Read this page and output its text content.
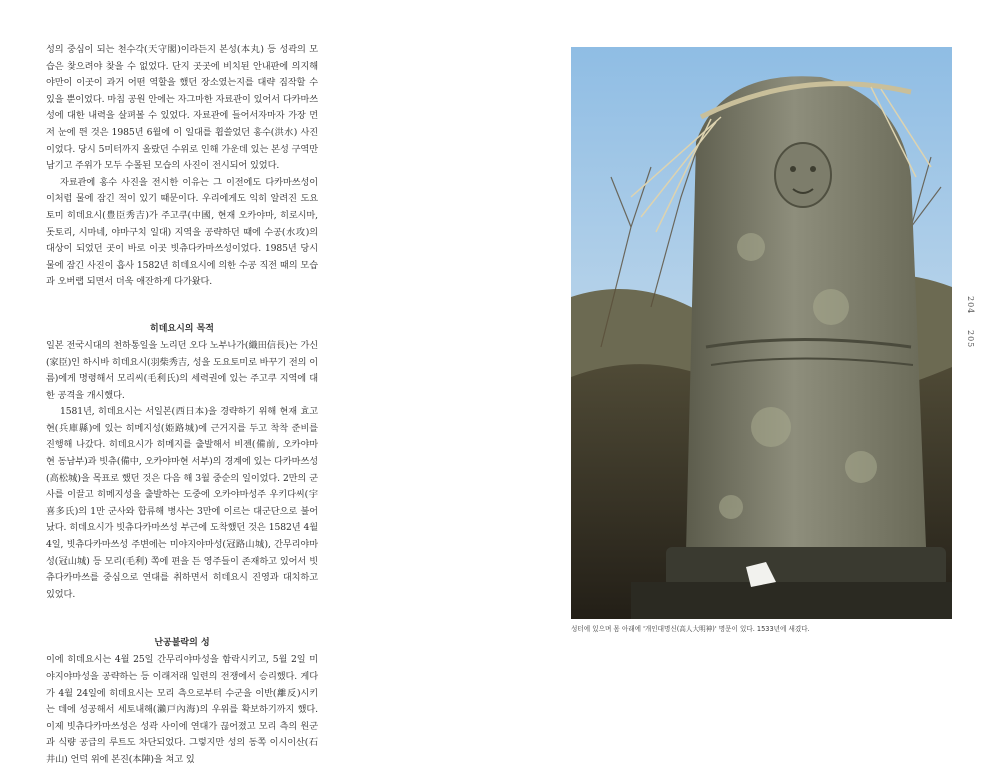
성의 중심이 되는 천수각(天守閣)이라든지 본성(本丸) 등 성곽의 모습은 찾으려야 찾을 수 없었다. 단지 곳곳에 비치된 안내판에 의지해야만이 이곳이 과거 어떤 역할을 했던 장소였는지를 대략 짐작할 수 있을 뿐이었다. 마침 공원 안에는 자그마한 자료관이 있어서 다카마쓰성에 대한 내력을 살펴볼 수 있었다. 자료관에 들어서자마자 가장 먼저 눈에 띈 것은 1985년 6월에 이 일대를 휩쓸었던 홍수(洪水) 사진이었다. 당시 5미터까지 올랐던 수위로 인해 가운데 있는 본성 구역만 남기고 주위가 모두 수몰된 모습의 사진이 전시되어 있었다.

자료관에 홍수 사진을 전시한 이유는 그 이전에도 다카마쓰성이 이처럼 물에 잠긴 적이 있기 때문이다. 우리에게도 익히 알려진 도요토미 히데요시(豊臣秀吉)가 주고쿠(中國, 현재 오카야마, 히로시마, 돗토리, 시마네, 야마구치 일대) 지역을 공략하던 때에 수공(水攻)의 대상이 되었던 곳이 바로 이곳 빗츄다카마쓰성이었다. 1985년 당시 물에 잠긴 사진이 흡사 1582년 히데요시에 의한 수공 직전 때의 모습과 오버랩 되면서 더욱 애잔하게 다가왔다.

히데요시의 목적

일본 전국시대의 천하통일을 노리던 오다 노부나가(織田信長)는 가신(家臣)인 하시바 히데요시(羽柴秀吉, 성을 도요토미로 바꾸기 전의 이름)에게 명령해서 모리씨(毛利氏)의 세력권에 있는 주고쿠 지역에 대한 공격을 개시했다.

1581년, 히데요시는 서일본(西日本)을 경략하기 위해 현재 효고현(兵庫縣)에 있는 히메지성(姫路城)에 근거지를 두고 착착 준비를 진행해 나갔다. 히데요시가 히메지를 출발해서 비젠(備前, 오카야마현 동남부)과 빗츄(備中, 오카야마현 서부)의 경계에 있는 다카마쓰성(高松城)을 목표로 했던 것은 다음 해 3월 중순의 일이었다. 2만의 군사를 이끌고 히메지성을 출발하는 도중에 오카야마성주 우키다씨(宇喜多氏)의 1만 군사와 합류해 병사는 3만에 이르는 대군단으로 불어났다. 히데요시가 빗츄다카마쓰성 부근에 도착했던 것은 1582년 4월 4일, 빗츄다카마쓰성 주변에는 미야지야마성(冠路山城), 간무리야마성(冠山城) 등 모리(毛利) 쪽에 편을 든 영주들이 존재하고 있어서 빗츄다카마쓰를 중심으로 연대를 취하면서 히데요시 진영과 대치하고 있었다.

난공불락의 성

이에 히데요시는 4월 25일 간무리야마성을 함락시키고, 5월 2일 미야지야마성을 공략하는 등 이래저래 일련의 전쟁에서 승리했다. 게다가 4월 24일에 히데요시는 모리 측으로부터 수군을 이반(離反)시키는 데에 성공해서 세토내해(瀨戸內海)의 우위를 확보하기까지 했다. 이제 빗츄다카마쓰성은 성곽 사이에 연대가 끊어졌고 모리 측의 원군과 식량 공급의 루트도 차단되었다. 그렇지만 성의 동쪽 이시이산(石井山) 언덕 위에 본진(本陣)을 쳐고 있

성터에 있으며 몸 아래에 '개인대명신(高人大明神)' 명문이 있다. 1533년에 새겼다.
204 205
